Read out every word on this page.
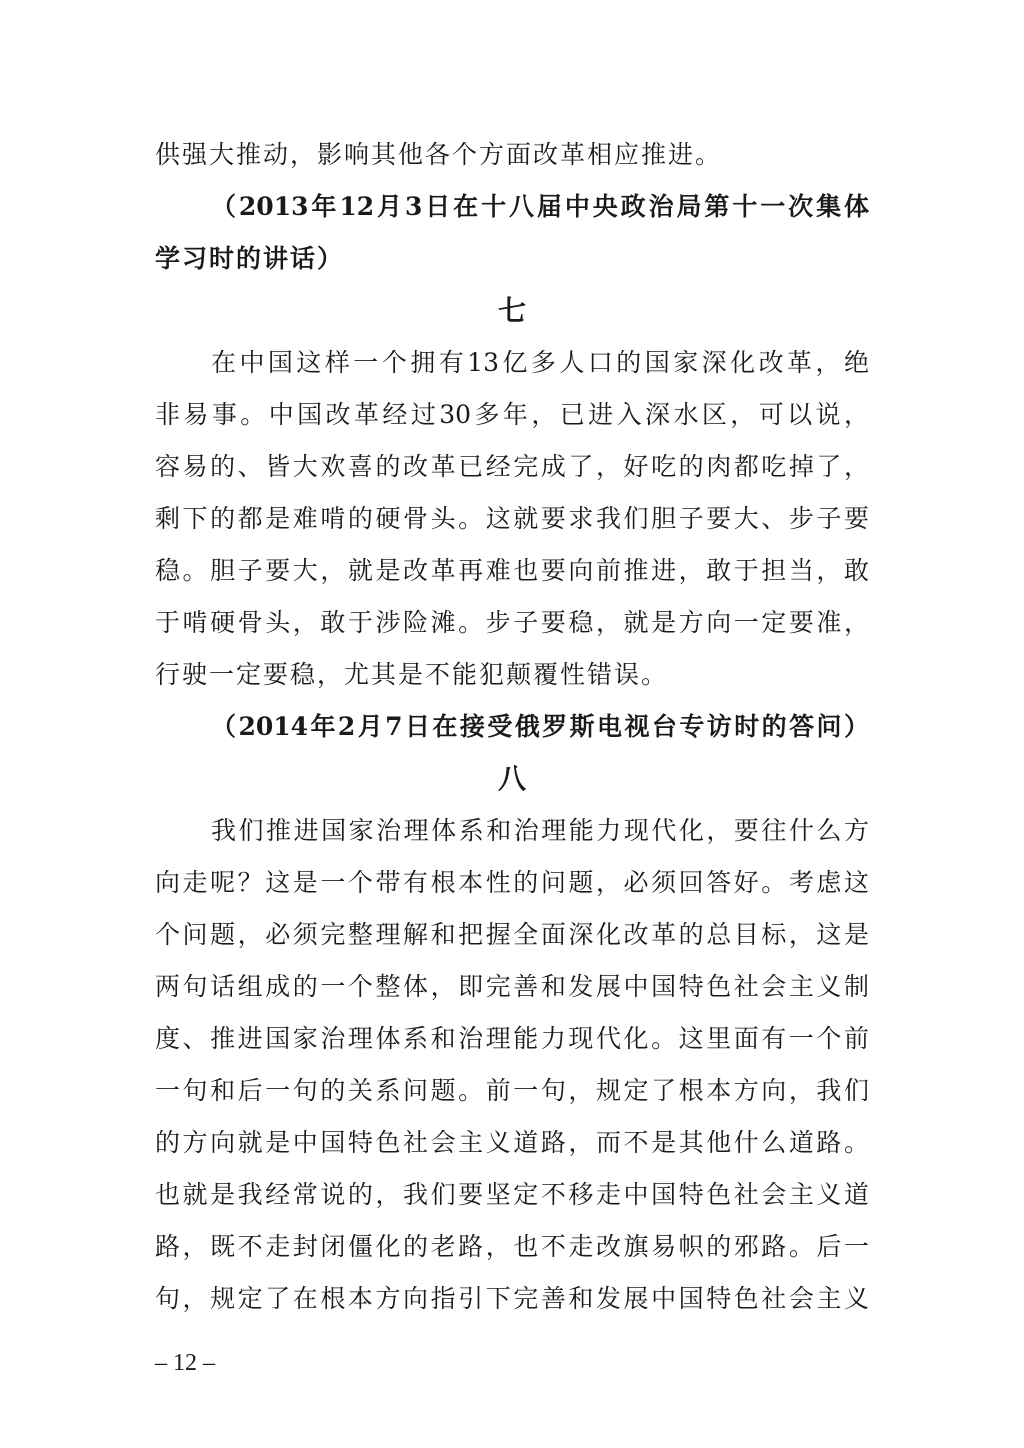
供强大推动，影响其他各个方面改革相应推进。
（2013年12月3日在十八届中央政治局第十一次集体
学习时的讲话）
七
在中国这样一个拥有13亿多人口的国家深化改革，绝
非易事。中国改革经过30多年，已进入深水区，可以说，
容易的、皆大欢喜的改革已经完成了，好吃的肉都吃掉了，
剩下的都是难啃的硬骨头。这就要求我们胆子要大、步子要
稳。胆子要大，就是改革再难也要向前推进，敢于担当，敢
于啃硬骨头，敢于涉险滩。步子要稳，就是方向一定要准，
行驶一定要稳，尤其是不能犯颠覆性错误。
（2014年2月7日在接受俄罗斯电视台专访时的答问）
八
我们推进国家治理体系和治理能力现代化，要往什么方
向走呢？这是一个带有根本性的问题，必须回答好。考虑这
个问题，必须完整理解和把握全面深化改革的总目标，这是
两句话组成的一个整体，即完善和发展中国特色社会主义制
度、推进国家治理体系和治理能力现代化。这里面有一个前
一句和后一句的关系问题。前一句，规定了根本方向，我们
的方向就是中国特色社会主义道路，而不是其他什么道路。
也就是我经常说的，我们要坚定不移走中国特色社会主义道
路，既不走封闭僵化的老路，也不走改旗易帜的邪路。后一
句，规定了在根本方向指引下完善和发展中国特色社会主义
– 12 –
